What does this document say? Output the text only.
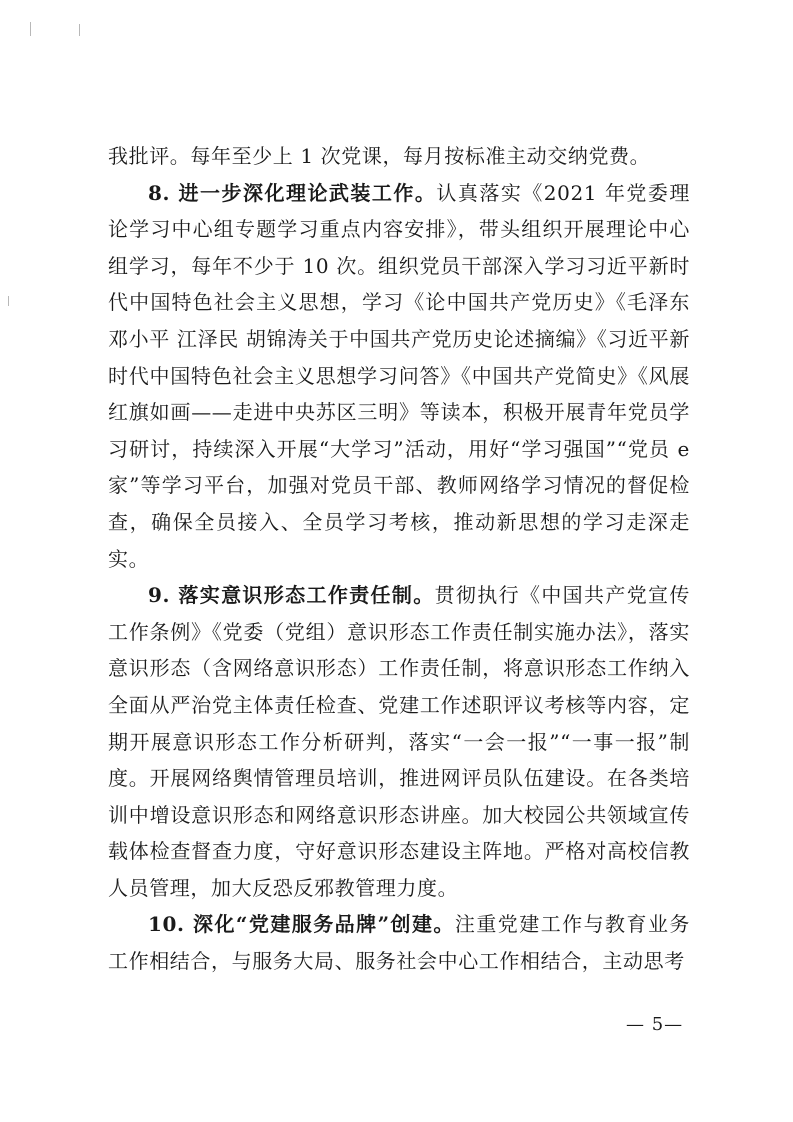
我批评。每年至少上 1 次党课，每月按标准主动交纳党费。

8. 进一步深化理论武装工作。认真落实《2021 年党委理论学习中心组专题学习重点内容安排》，带头组织开展理论中心组学习，每年不少于 10 次。组织党员干部深入学习习近平新时代中国特色社会主义思想，学习《论中国共产党历史》《毛泽东 邓小平 江泽民 胡锦涛关于中国共产党历史论述摘编》《习近平新时代中国特色社会主义思想学习问答》《中国共产党简史》《风展红旗如画——走进中央苏区三明》等读本，积极开展青年党员学习研讨，持续深入开展“大学习”活动，用好“学习强国”“党员 e 家”等学习平台，加强对党员干部、教师网络学习情况的督促检查，确保全员接入、全员学习考核，推动新思想的学习走深走实。

9. 落实意识形态工作责任制。贯彻执行《中国共产党宣传工作条例》《党委（党组）意识形态工作责任制实施办法》，落实意识形态（含网络意识形态）工作责任制，将意识形态工作纳入全面从严治党主体责任检查、党建工作述职评议考核等内容，定期开展意识形态工作分析研判，落实“一会一报”“一事一报”制度。开展网络舆情管理员培训，推进网评员队伍建设。在各类培训中增设意识形态和网络意识形态讲座。加大校园公共领域宣传载体检查督查力度，守好意识形态建设主阵地。严格对高校信教人员管理，加大反恐反邪教管理力度。

10. 深化“党建服务品牌”创建。注重党建工作与教育业务工作相结合，与服务大局、服务社会中心工作相结合，主动思考

— 5—
